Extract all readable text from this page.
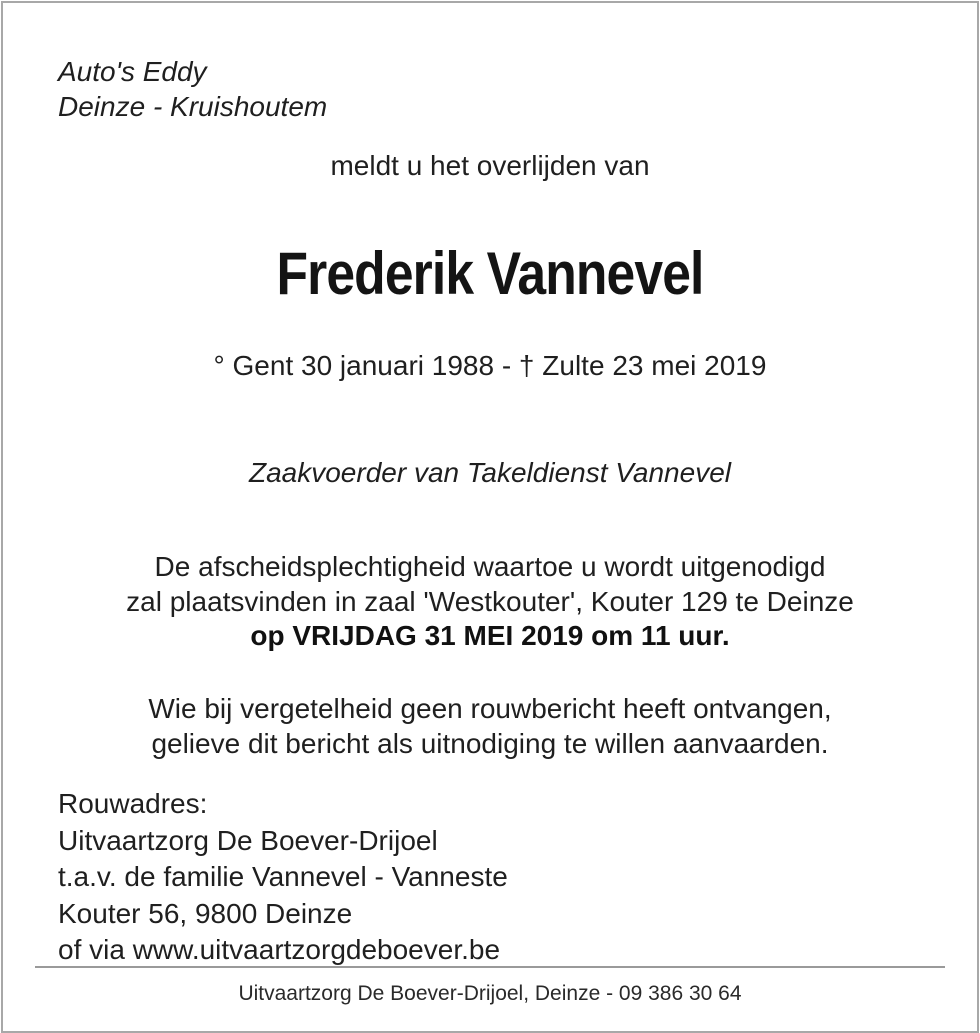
Auto's Eddy
Deinze - Kruishoutem
meldt u het overlijden van
Frederik Vannevel
° Gent 30 januari 1988 - † Zulte 23 mei 2019
Zaakvoerder van Takeldienst Vannevel
De afscheidsplechtigheid waartoe u wordt uitgenodigd
zal plaatsvinden in zaal 'Westkouter', Kouter 129 te Deinze
op VRIJDAG 31 MEI 2019 om 11 uur.
Wie bij vergetelheid geen rouwbericht heeft ontvangen,
gelieve dit bericht als uitnodiging te willen aanvaarden.
Rouwadres:
Uitvaartzorg De Boever-Drijoel
t.a.v. de familie Vannevel - Vanneste
Kouter 56, 9800 Deinze
of via www.uitvaartzorgdeboever.be
Uitvaartzorg De Boever-Drijoel, Deinze - 09 386 30 64
